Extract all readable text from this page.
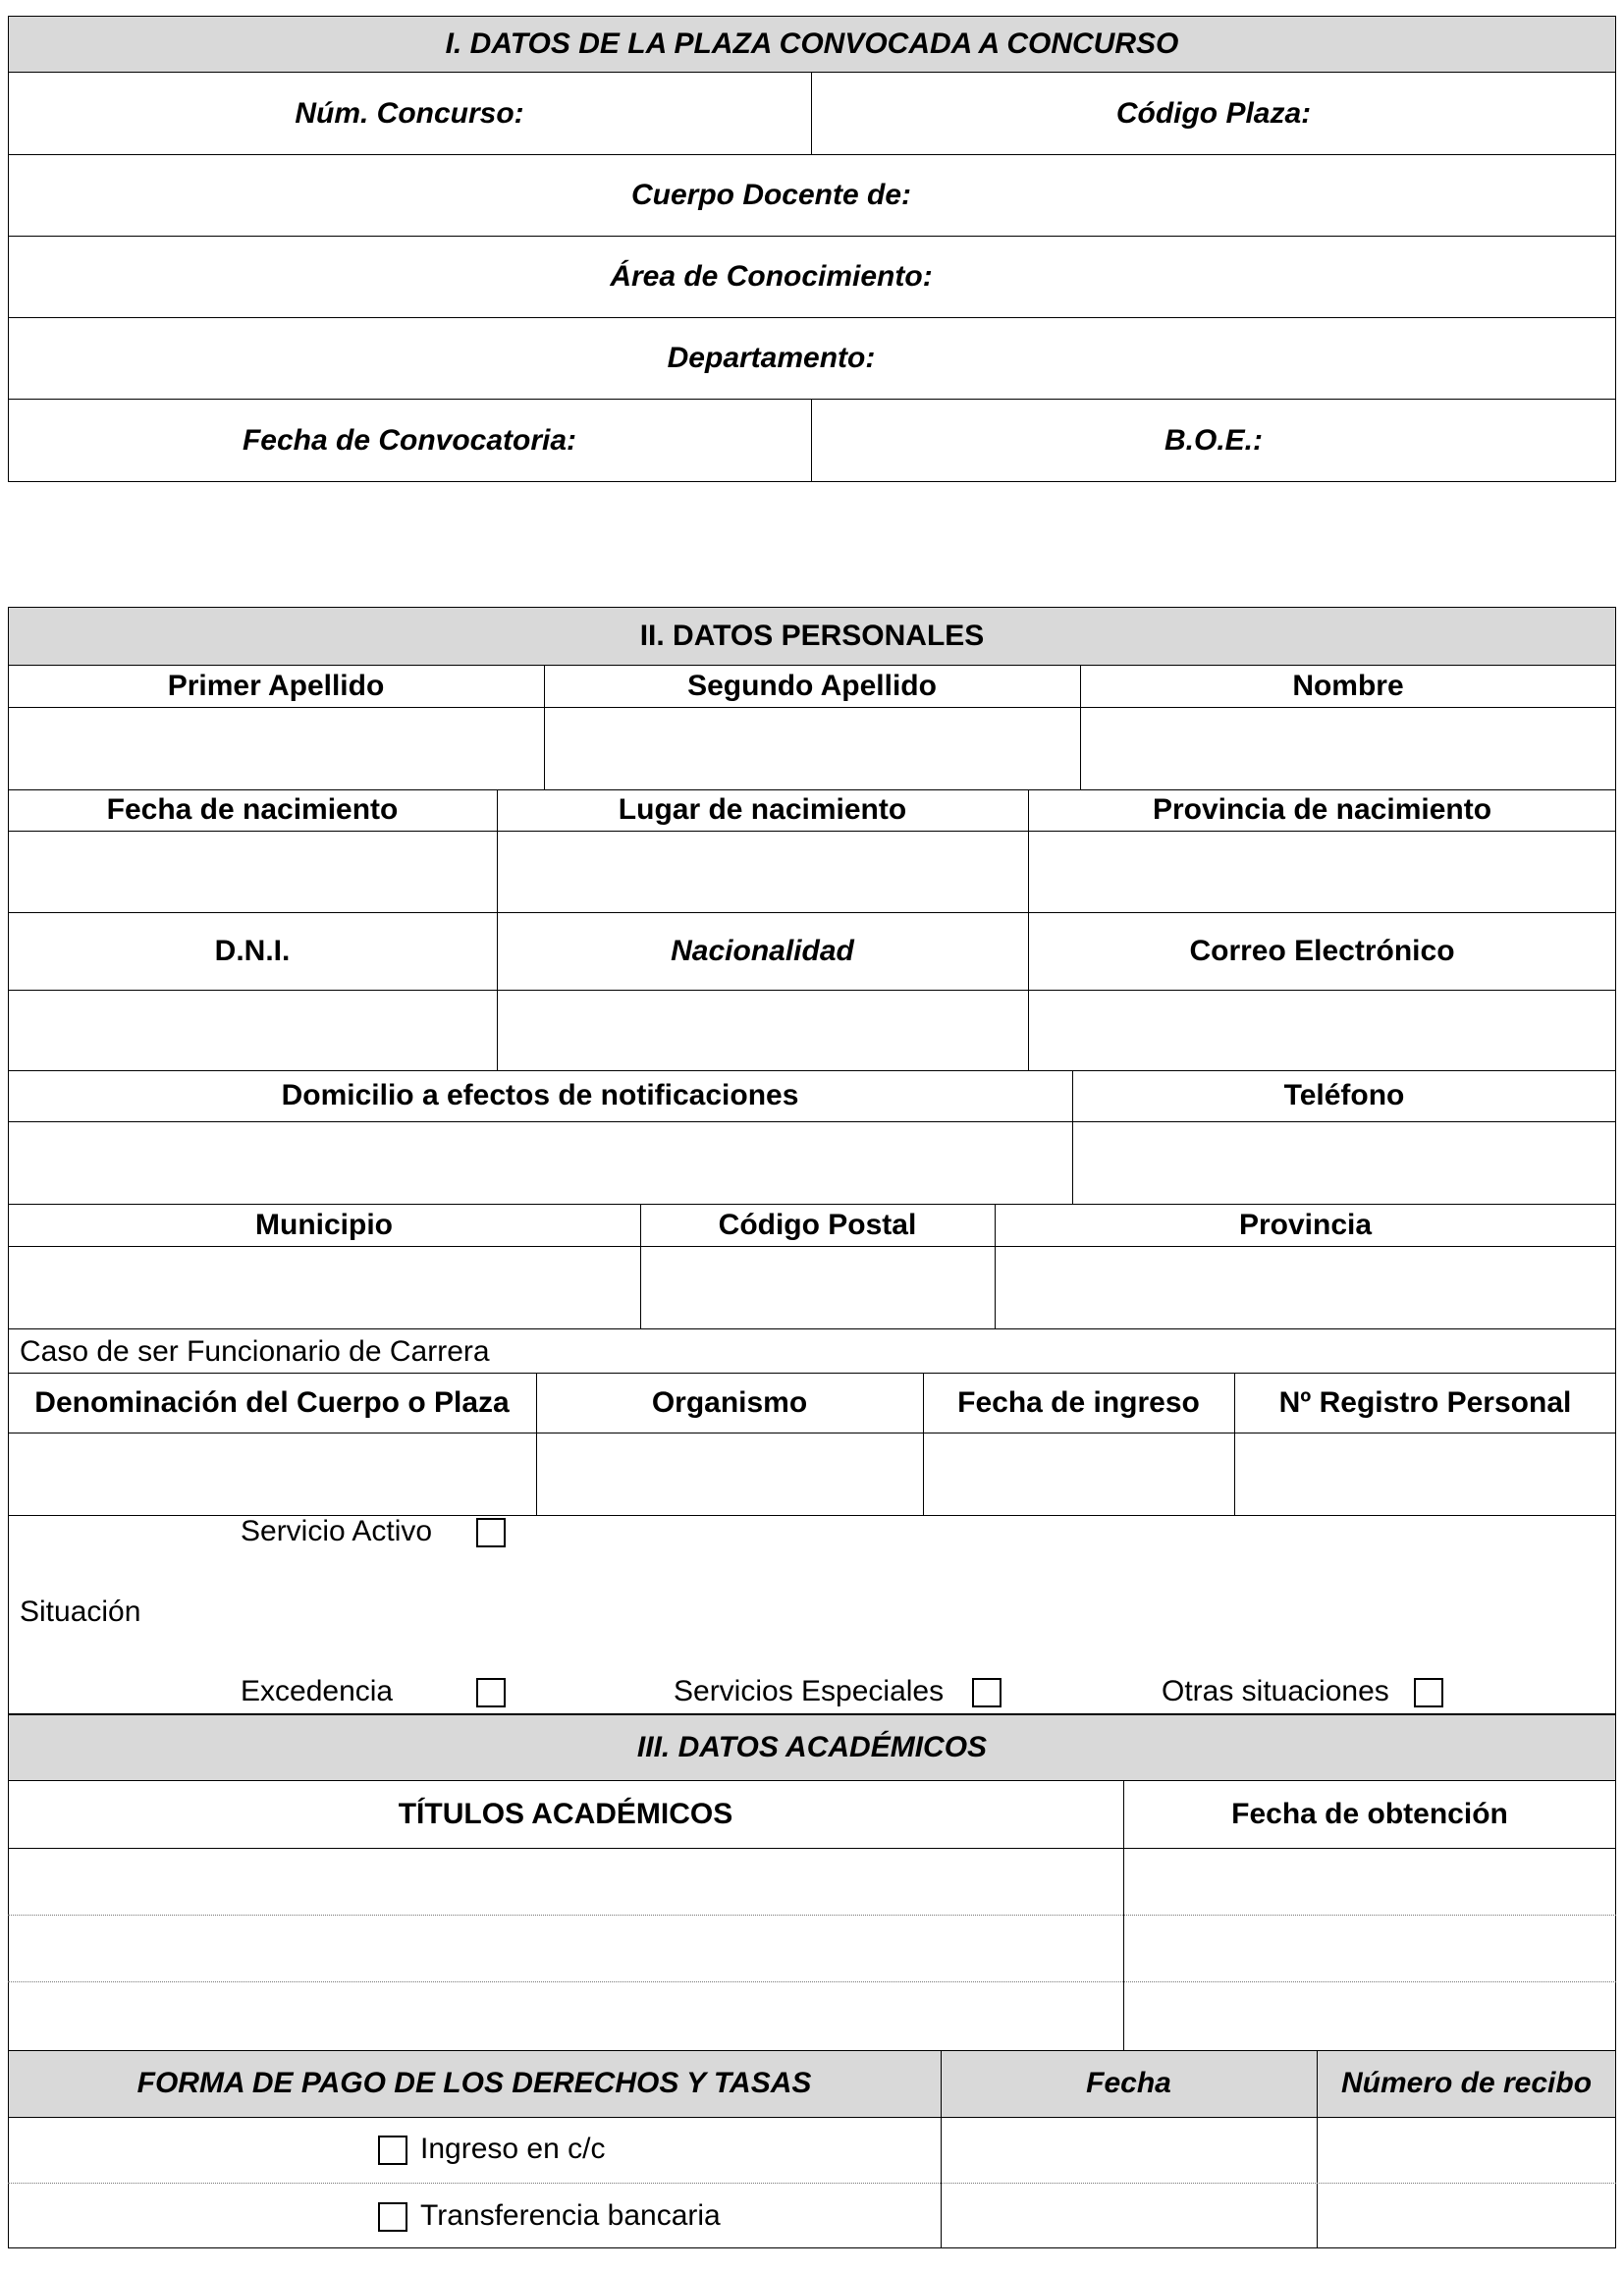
I. DATOS DE LA PLAZA CONVOCADA A CONCURSO
Núm. Concurso:	Código Plaza:
Cuerpo Docente de:
Área de Conocimiento:
Departamento:
Fecha de Convocatoria:	B.O.E.:
II. DATOS PERSONALES
Primer Apellido	Segundo Apellido	Nombre
Fecha de nacimiento	Lugar de nacimiento	Provincia de nacimiento
D.N.I.	Nacionalidad	Correo Electrónico
Domicilio a efectos de notificaciones	Teléfono
Municipio	Código Postal	Provincia
Caso de ser Funcionario de Carrera
Denominación del Cuerpo o Plaza	Organismo	Fecha de ingreso	Nº Registro Personal
Servicio Activo
Situación
Excedencia	Servicios Especiales	Otras situaciones
III. DATOS ACADÉMICOS
TÍTULOS ACADÉMICOS	Fecha de obtención
FORMA DE PAGO DE LOS DERECHOS Y TASAS	Fecha	Número de recibo
Ingreso en c/c
Transferencia bancaria
